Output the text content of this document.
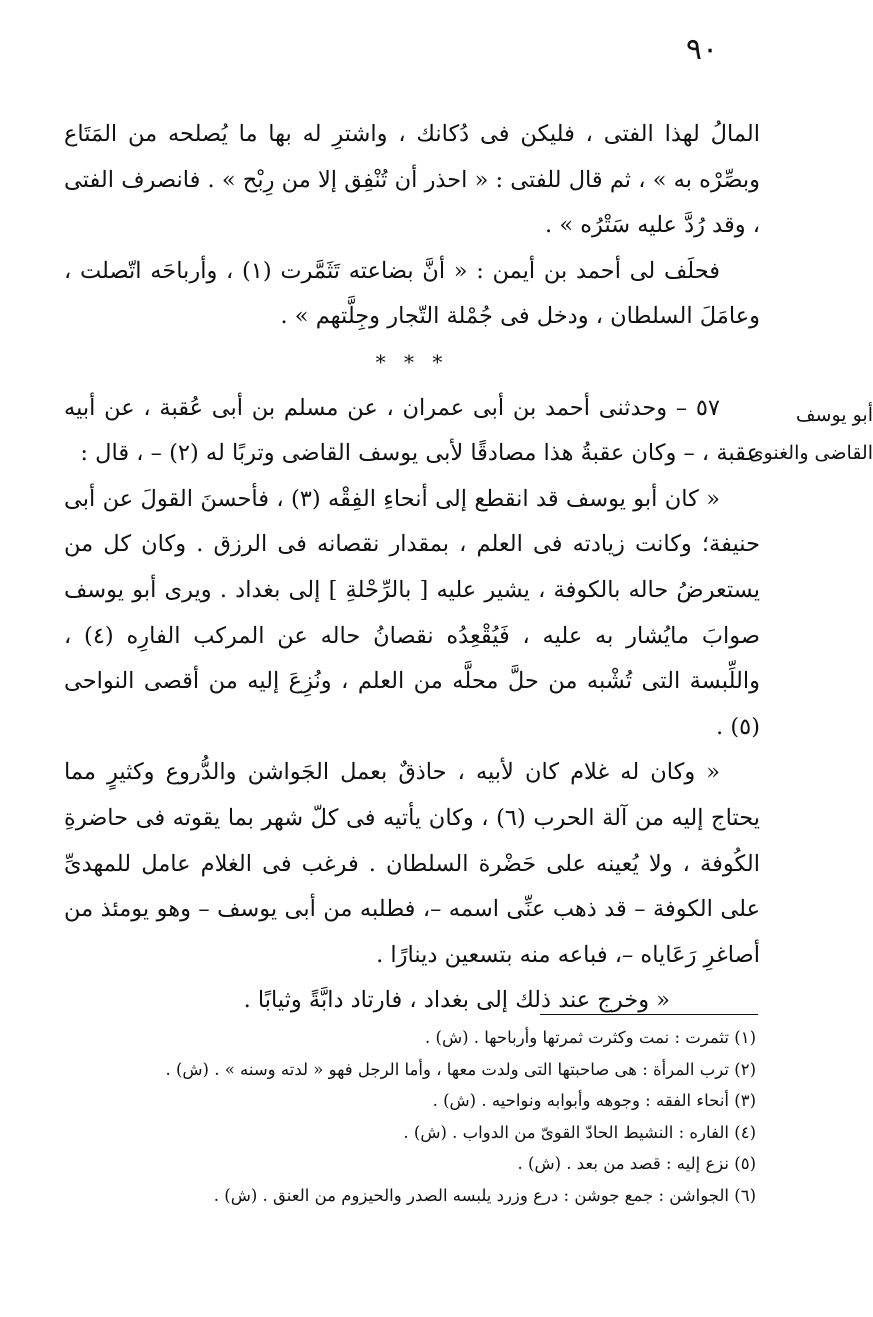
٩٠

المالُ لهذا الفتى ، فليكن فى دُكانك ، واشترِ له بها ما يُصلحه من المَتَاع وبصِّرْه به » ، ثم قال للفتى : « احذر أن تُنْفِق إلا من رِبْح » . فانصرف الفتى ، وقد رُدَّ عليه سَتْرُه » .

فحلَف لى أحمد بن أيمن : « أنَّ بضاعته تَثَمَّرت (١) ، وأرباحَه اتّصلت ، وعامَلَ السلطان ، ودخل فى جُمْلة التّجار وجِلَّتهم » .

* * *

٥٧ – وحدثنى أحمد بن أبى عمران ، عن مسلم بن أبى عُقبة ، عن أبيه عقبة ، – وكان عقبةُ هذا مصادقًا لأبى يوسف القاضى وتربًا له (٢) – ، قال :

« كان أبو يوسف قد انقطع إلى أنحاءِ الفِقْه (٣) ، فأحسنَ القولَ عن أبى حنيفة؛ وكانت زيادته فى العلم ، بمقدار نقصانه فى الرزق . وكان كل من يستعرضُ حاله بالكوفة ، يشير عليه [ بالرِّحْلةِ ] إلى بغداد . ويرى أبو يوسف صوابَ مايُشار به عليه ، فَيُقْعِدُه نقصانُ حاله عن المركب الفارِه (٤) ، واللِّبسة التى تُشْبه من حلَّ محلَّه من العلم ، ونُزِعَ إليه من أقصى النواحى (٥) .

« وكان له غلام كان لأبيه ، حاذقٌ بعمل الجَواشن والدُّروع وكثيرٍ مما يحتاج إليه من آلة الحرب (٦) ، وكان يأتيه فى كلّ شهر بما يقوته فى حاضرةِ الكُوفة ، ولا يُعينه على حَضْرة السلطان . فرغب فى الغلام عامل للمهدىِّ على الكوفة – قد ذهب عنِّى اسمه –، فطلبه من أبى يوسف – وهو يومئذ من أصاغرِ رَعَاياه –، فباعه منه بتسعين دينارًا .

« وخرج عند ذلك إلى بغداد ، فارتاد دابَّةً وثيابًا .

أبو يوسف
القاضى والغنوى
(١) تثمرت : نمت وكثرت ثمرتها وأرباحها . (ش) .
(٢) ترب المرأة : هى صاحبتها التى ولدت معها ، وأما الرجل فهو « لدته وسنه » . (ش) .
(٣) أنحاء الفقه : وجوهه وأبوابه ونواحيه . (ش) .
(٤) الفاره : النشيط الحادّ القوىّ من الدواب . (ش) .
(٥) نزع إليه : قصد من بعد . (ش) .
(٦) الجواشن : جمع جوشن : درع وزرد يلبسه الصدر والحيزوم من العنق . (ش) .
